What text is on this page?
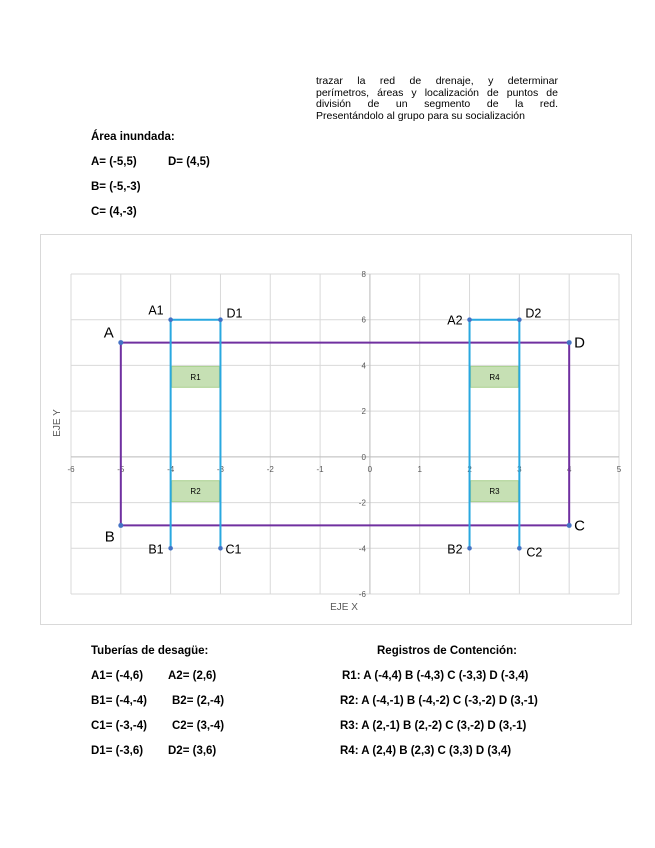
trazar la red de drenaje, y determinar
perímetros, áreas y localización de puntos de
división de un segmento de la red.
Presentándolo al grupo para su socialización
Área inundada:
A= (-5,5)	D= (4,5)
B= (-5,-3)
C= (4,-3)
-6	-5	-4	-3	-2	-1	0	1	2	3	4	5
-6
-4
-2
0
2
4
6
8
R1	R4
R2	R3
A
D
B
C
A1	D1
B1	C1
A2	D2
B2	C2
EJE X
EJE Y
Tuberías de desagüe:
A1= (-4,6) A2= (2,6)
B1= (-4,-4) B2= (2,-4)
C1= (-3,-4) C2= (3,-4)
D1= (-3,6) D2= (3,6)
Registros de Contención:
R1: A (-4,4) B (-4,3) C (-3,3) D (-3,4)
R2: A (-4,-1) B (-4,-2) C (-3,-2) D (3,-1)
R3: A (2,-1) B (2,-2) C (3,-2) D (3,-1)
R4: A (2,4) B (2,3) C (3,3) D (3,4)
